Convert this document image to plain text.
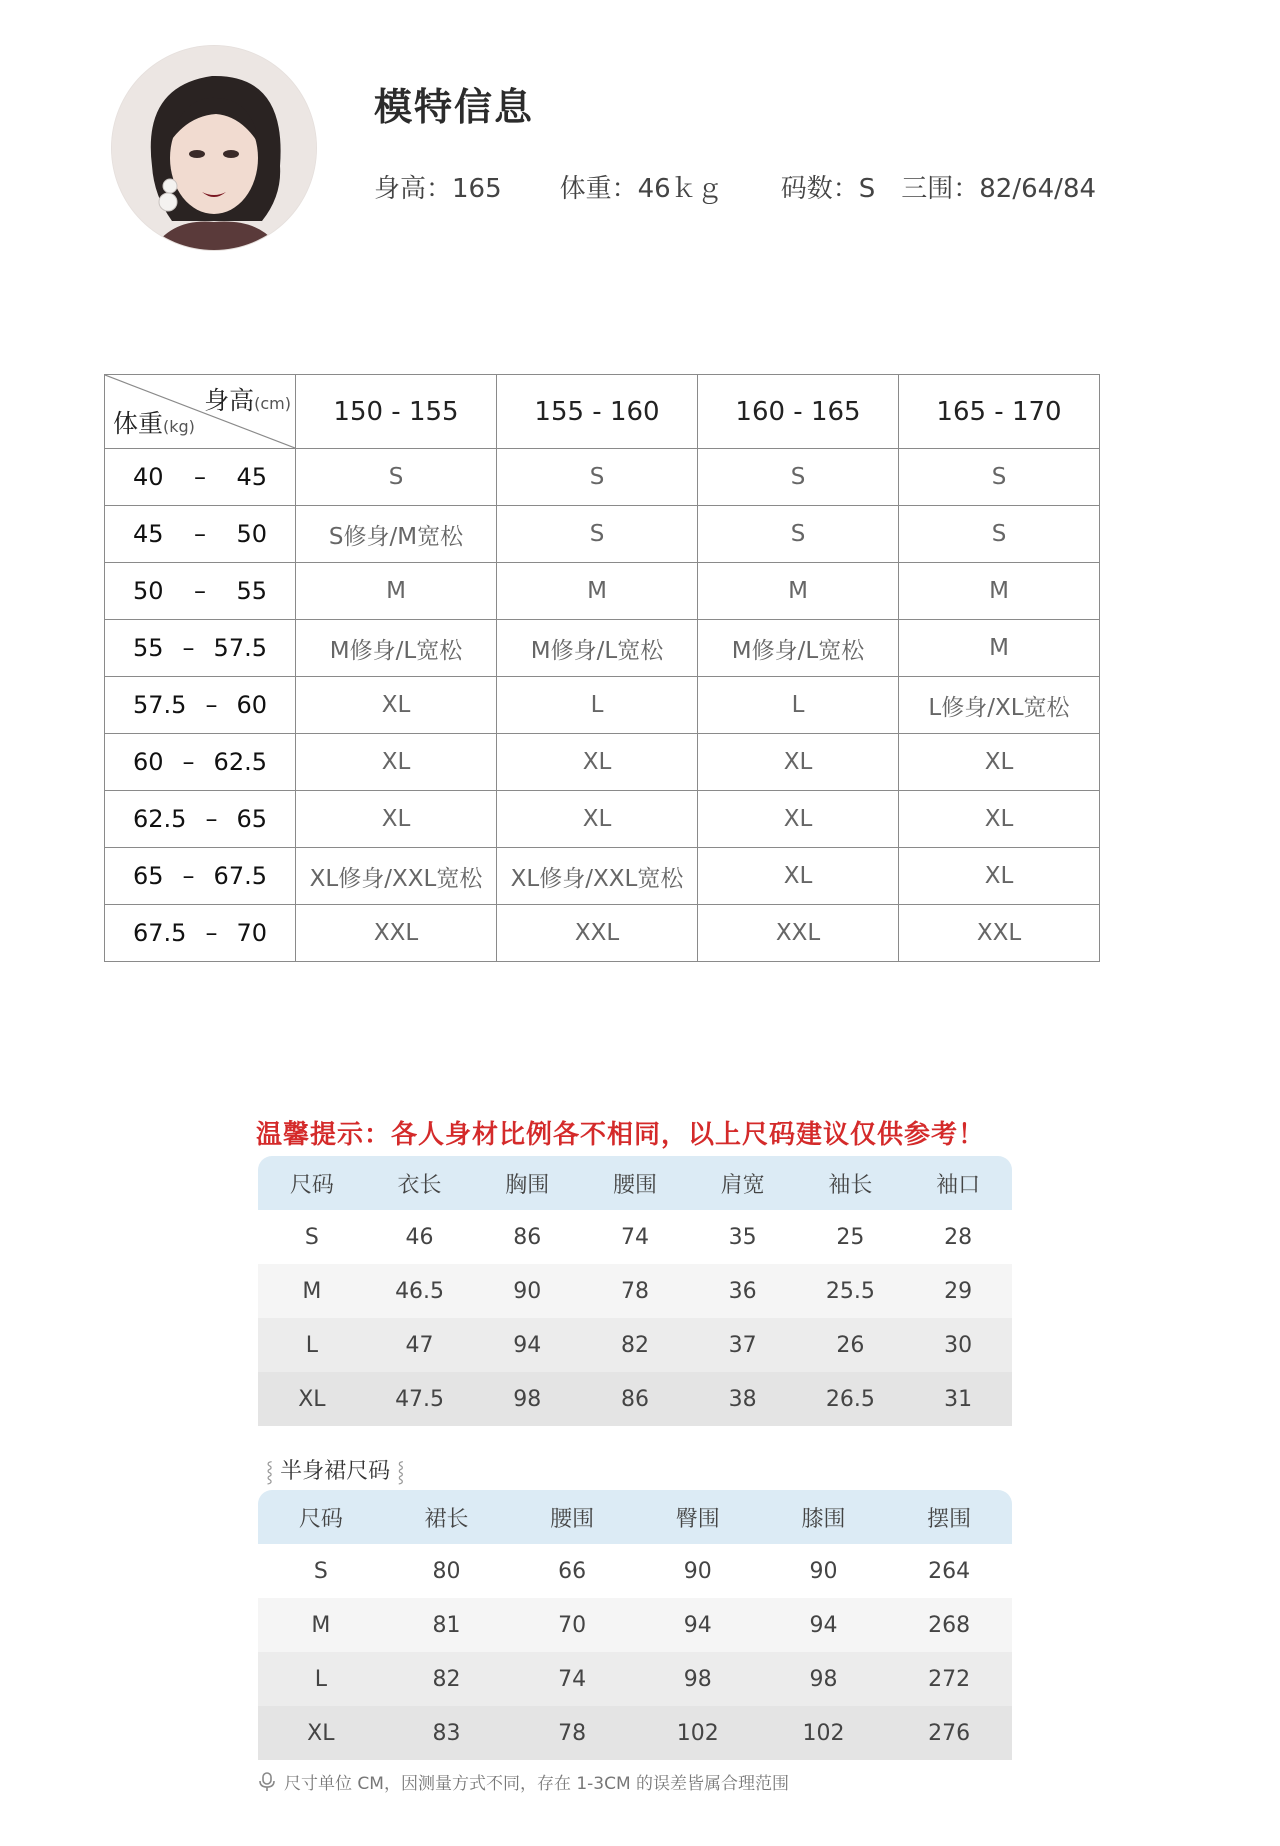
模特信息
身高：165 体重：46ｋｇ 码数：S 三围：82/64/84
身高(cm)
体重(kg)	150 - 155	155 - 160	160 - 165	165 - 170

40 – 45	S	S	S	S

45 – 50	S修身/M宽松	S	S	S

50 – 55	M	M	M	M

55 – 57.5	M修身/L宽松	M修身/L宽松	M修身/L宽松	M

57.5 – 60	XL	L	L	L修身/XL宽松

60 – 62.5	XL	XL	XL	XL

62.5 – 65	XL	XL	XL	XL

65 – 67.5	XL修身/XXL宽松	XL修身/XXL宽松	XL	XL

67.5 – 70	XXL	XXL	XXL	XXL
温馨提示：各人身材比例各不相同，以上尺码建议仅供参考！
尺码	衣长	胸围	腰围	肩宽	袖长	袖口
S	46	86	74	35	25	28
M	46.5	90	78	36	25.5	29
L	47	94	82	37	26	30
XL	47.5	98	86	38	26.5	31
⸾ 半身裙尺码 ⸾
尺码	裙长	腰围	臀围	膝围	摆围
S	80	66	90	90	264
M	81	70	94	94	268
L	82	74	98	98	272
XL	83	78	102	102	276
尺寸单位 CM，因测量方式不同，存在 1-3CM 的误差皆属合理范围
